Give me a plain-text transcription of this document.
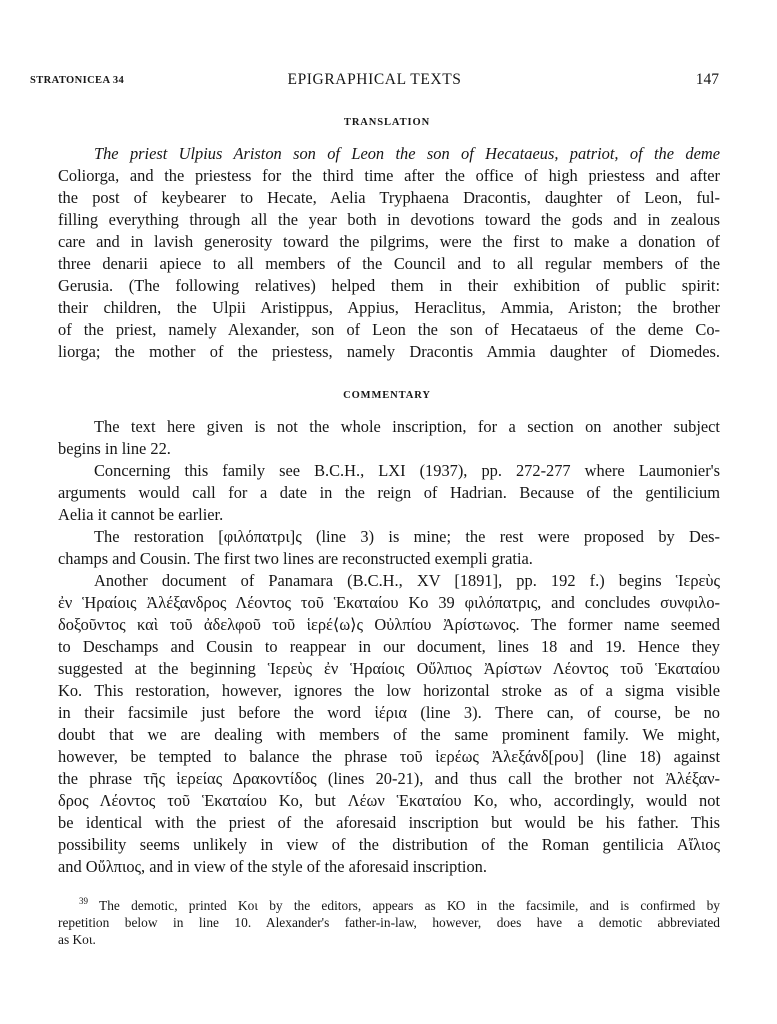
STRATONICEA 34	EPIGRAPHICAL TEXTS	147
TRANSLATION
The priest Ulpius Ariston son of Leon the son of Hecataeus, patriot, of the deme
Coliorga, and the priestess for the third time after the office of high priestess and after
the post of keybearer to Hecate, Aelia Tryphaena Dracontis, daughter of Leon, ful-
filling everything through all the year both in devotions toward the gods and in zealous
care and in lavish generosity toward the pilgrims, were the first to make a donation of
three denarii apiece to all members of the Council and to all regular members of the
Gerusia. (The following relatives) helped them in their exhibition of public spirit:
their children, the Ulpii Aristippus, Appius, Heraclitus, Ammia, Ariston; the brother
of the priest, namely Alexander, son of Leon the son of Hecataeus of the deme Co-
liorga; the mother of the priestess, namely Dracontis Ammia daughter of Diomedes.
COMMENTARY
The text here given is not the whole inscription, for a section on another subject
begins in line 22.
Concerning this family see B.C.H., LXI (1937), pp. 272-277 where Laumonier's
arguments would call for a date in the reign of Hadrian. Because of the gentilicium
Aelia it cannot be earlier.
The restoration [φιλόπατρι]ς (line 3) is mine; the rest were proposed by Des-
champs and Cousin. The first two lines are reconstructed exempli gratia.
Another document of Panamara (B.C.H., XV [1891], pp. 192 f.) begins Ἱερεὺς
ἐν Ἡραίοις Ἀλέξανδρος Λέοντος τοῦ Ἑκαταίου Κο 39 φιλόπατρις, and concludes συνφιλο-
δοξοῦντος καὶ τοῦ ἀδελφοῦ τοῦ ἱερέ⟨ω⟩ς Οὐλπίου Ἀρίστωνος. The former name seemed
to Deschamps and Cousin to reappear in our document, lines 18 and 19. Hence they
suggested at the beginning Ἱερεὺς ἐν Ἡραίοις Οὔλπιος Ἀρίστων Λέοντος τοῦ Ἑκαταίου
Κο. This restoration, however, ignores the low horizontal stroke as of a sigma visible
in their facsimile just before the word ἱέρια (line 3). There can, of course, be no
doubt that we are dealing with members of the same prominent family. We might,
however, be tempted to balance the phrase τοῦ ἱερέως Ἀλεξάνδ[ρου] (line 18) against
the phrase τῆς ἱερείας Δρακοντίδος (lines 20-21), and thus call the brother not Ἀλέξαν-
δρος Λέοντος τοῦ Ἑκαταίου Κο, but Λέων Ἑκαταίου Κο, who, accordingly, would not
be identical with the priest of the aforesaid inscription but would be his father. This
possibility seems unlikely in view of the distribution of the Roman gentilicia Αἴλιος
and Οὔλπιος, and in view of the style of the aforesaid inscription.
$^{39}$ The demotic, printed Κοι by the editors, appears as ΚΟ in the facsimile, and is confirmed by
repetition below in line 10. Alexander's father-in-law, however, does have a demotic abbreviated
as Κοι.
